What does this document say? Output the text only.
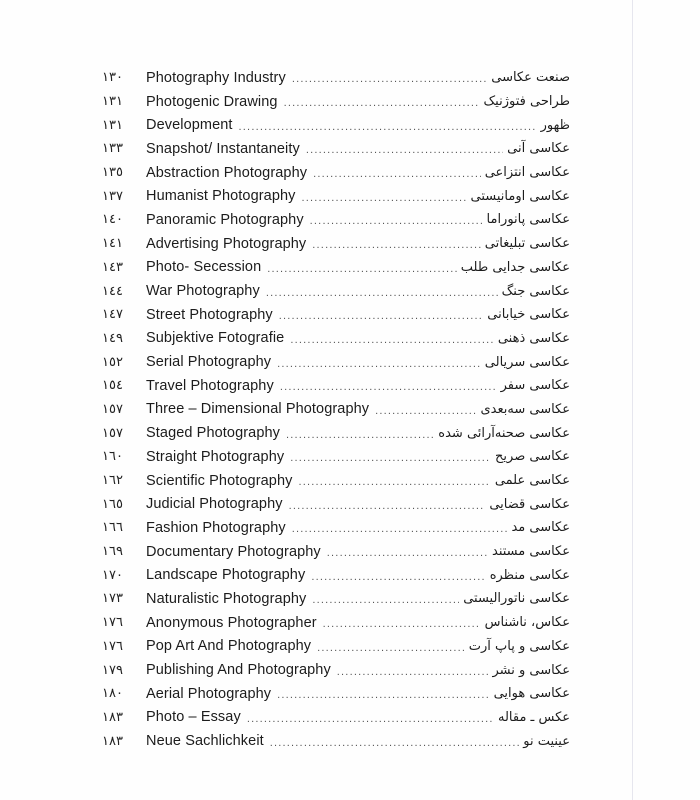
١٣٠	Photography Industry .....	صنعت عکاسی
١٣١	Photogenic Drawing .....	طراحی فتوژنیک
١٣١	Development .....	ظهور
١٣٣	Snapshot/ Instantaneity .....	عکاسی آنی
١٣٥	Abstraction Photography .....	عکاسی انتزاعی
١٣٧	Humanist Photography .....	عکاسی اومانیستی
١٤٠	Panoramic Photography .....	عکاسی پانوراما
١٤١	Advertising Photography .....	عکاسی تبلیغاتی
١٤٣	Photo- Secession .....	عکاسی جدایی طلب
١٤٤	War Photography .....	عکاسی جنگ
١٤٧	Street Photography .....	عکاسی خیابانی
١٤٩	Subjektive Fotografie .....	عکاسی ذهنی
١٥٢	Serial Photography .....	عکاسی سریالی
١٥٤	Travel Photography .....	عکاسی سفر
١٥٧	Three – Dimensional Photography .....	عکاسی سه‌بعدی
١٥٧	Staged Photography .....	عکاسی صحنه‌آرائی شده
١٦٠	Straight Photography .....	عکاسی صریح
١٦٢	Scientific Photography .....	عکاسی علمی
١٦٥	Judicial Photography .....	عکاسی قضایی
١٦٦	Fashion Photography .....	عکاسی مد
١٦٩	Documentary Photography .....	عکاسی مستند
١٧٠	Landscape Photography .....	عکاسی منظره
١٧٣	Naturalistic Photography .....	عکاسی ناتورالیستی
١٧٦	Anonymous Photographer .....	عکاس، ناشناس
١٧٦	Pop Art And Photography .....	عکاسی و پاپ آرت
١٧٩	Publishing And Photography .....	عکاسی و نشر
١٨٠	Aerial Photography .....	عکاسی هوایی
١٨٣	Photo – Essay .....	عکس ـ مقاله
١٨٣	Neue Sachlichkeit .....	عینیت نو
